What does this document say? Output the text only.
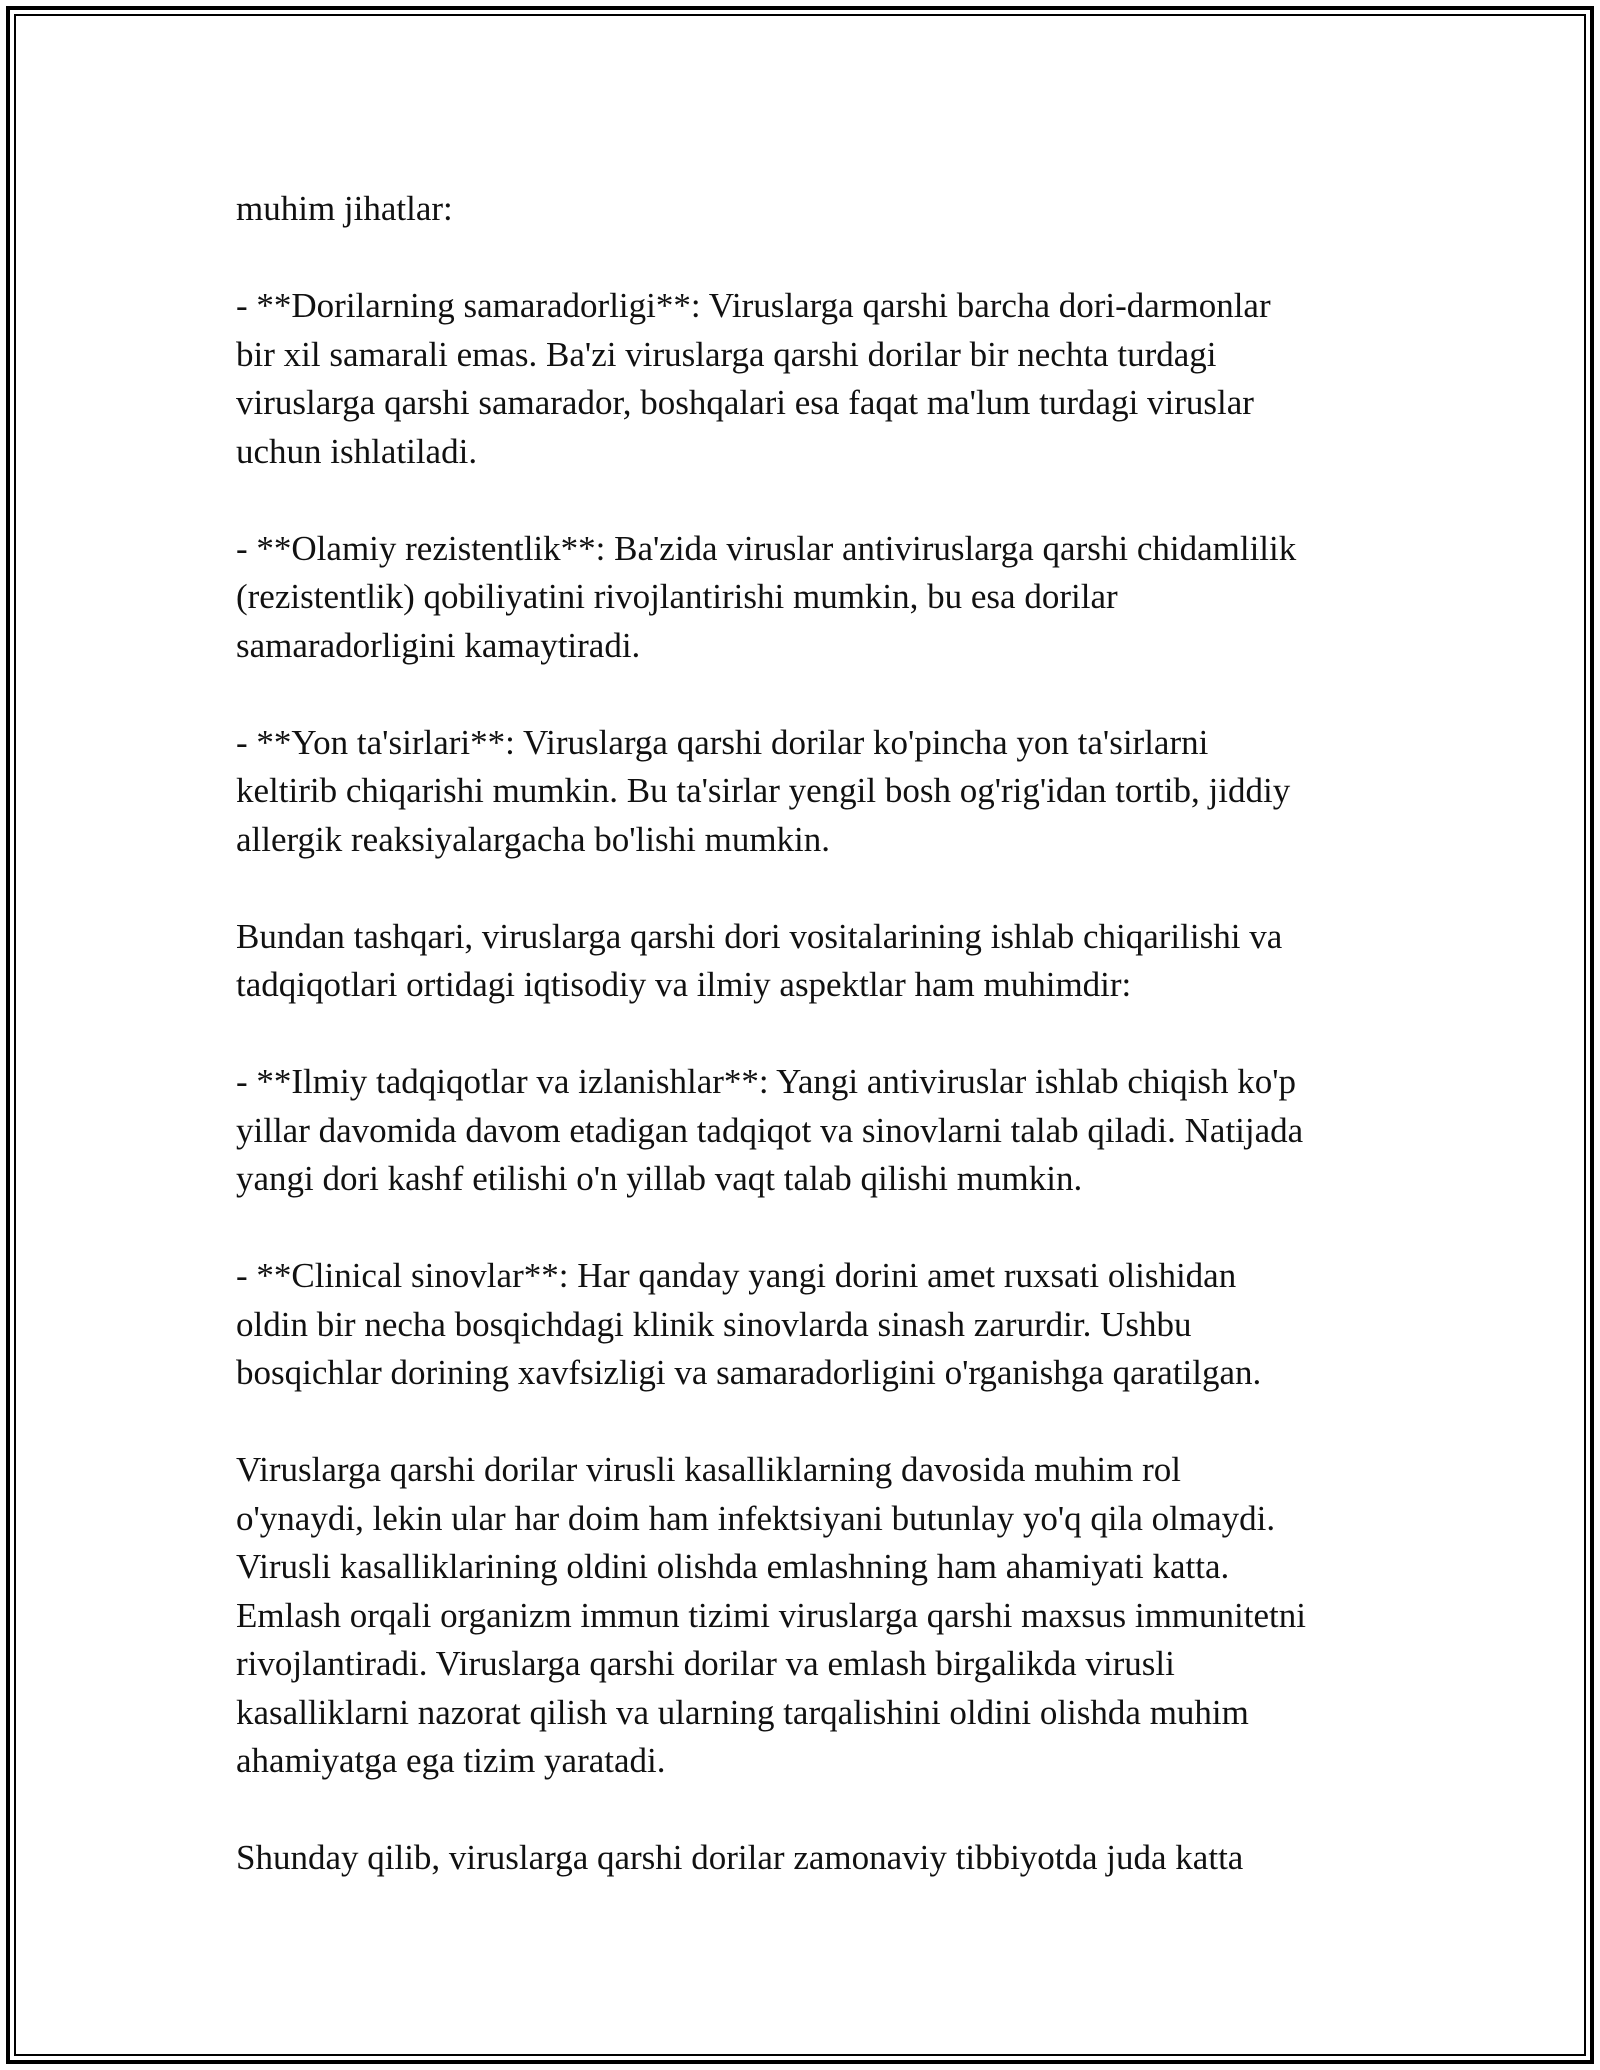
muhim jihatlar:

- **Dorilarning samaradorligi**: Viruslarga qarshi barcha dori-darmonlar
bir xil samarali emas. Ba'zi viruslarga qarshi dorilar bir nechta turdagi
viruslarga qarshi samarador, boshqalari esa faqat ma'lum turdagi viruslar
uchun ishlatiladi.

- **Olamiy rezistentlik**: Ba'zida viruslar antiviruslarga qarshi chidamlilik
(rezistentlik) qobiliyatini rivojlantirishi mumkin, bu esa dorilar
samaradorligini kamaytiradi.

- **Yon ta'sirlari**: Viruslarga qarshi dorilar ko'pincha yon ta'sirlarni
keltirib chiqarishi mumkin. Bu ta'sirlar yengil bosh og'rig'idan tortib, jiddiy
allergik reaksiyalargacha bo'lishi mumkin.

Bundan tashqari, viruslarga qarshi dori vositalarining ishlab chiqarilishi va
tadqiqotlari ortidagi iqtisodiy va ilmiy aspektlar ham muhimdir:

- **Ilmiy tadqiqotlar va izlanishlar**: Yangi antiviruslar ishlab chiqish ko'p
yillar davomida davom etadigan tadqiqot va sinovlarni talab qiladi. Natijada
yangi dori kashf etilishi o'n yillab vaqt talab qilishi mumkin.

- **Clinical sinovlar**: Har qanday yangi dorini amet ruxsati olishidan
oldin bir necha bosqichdagi klinik sinovlarda sinash zarurdir. Ushbu
bosqichlar dorining xavfsizligi va samaradorligini o'rganishga qaratilgan.

Viruslarga qarshi dorilar virusli kasalliklarning davosida muhim rol
o'ynaydi, lekin ular har doim ham infektsiyani butunlay yo'q qila olmaydi.
Virusli kasalliklarining oldini olishda emlashning ham ahamiyati katta.
Emlash orqali organizm immun tizimi viruslarga qarshi maxsus immunitetni
rivojlantiradi. Viruslarga qarshi dorilar va emlash birgalikda virusli
kasalliklarni nazorat qilish va ularning tarqalishini oldini olishda muhim
ahamiyatga ega tizim yaratadi.

Shunday qilib, viruslarga qarshi dorilar zamonaviy tibbiyotda juda katta
